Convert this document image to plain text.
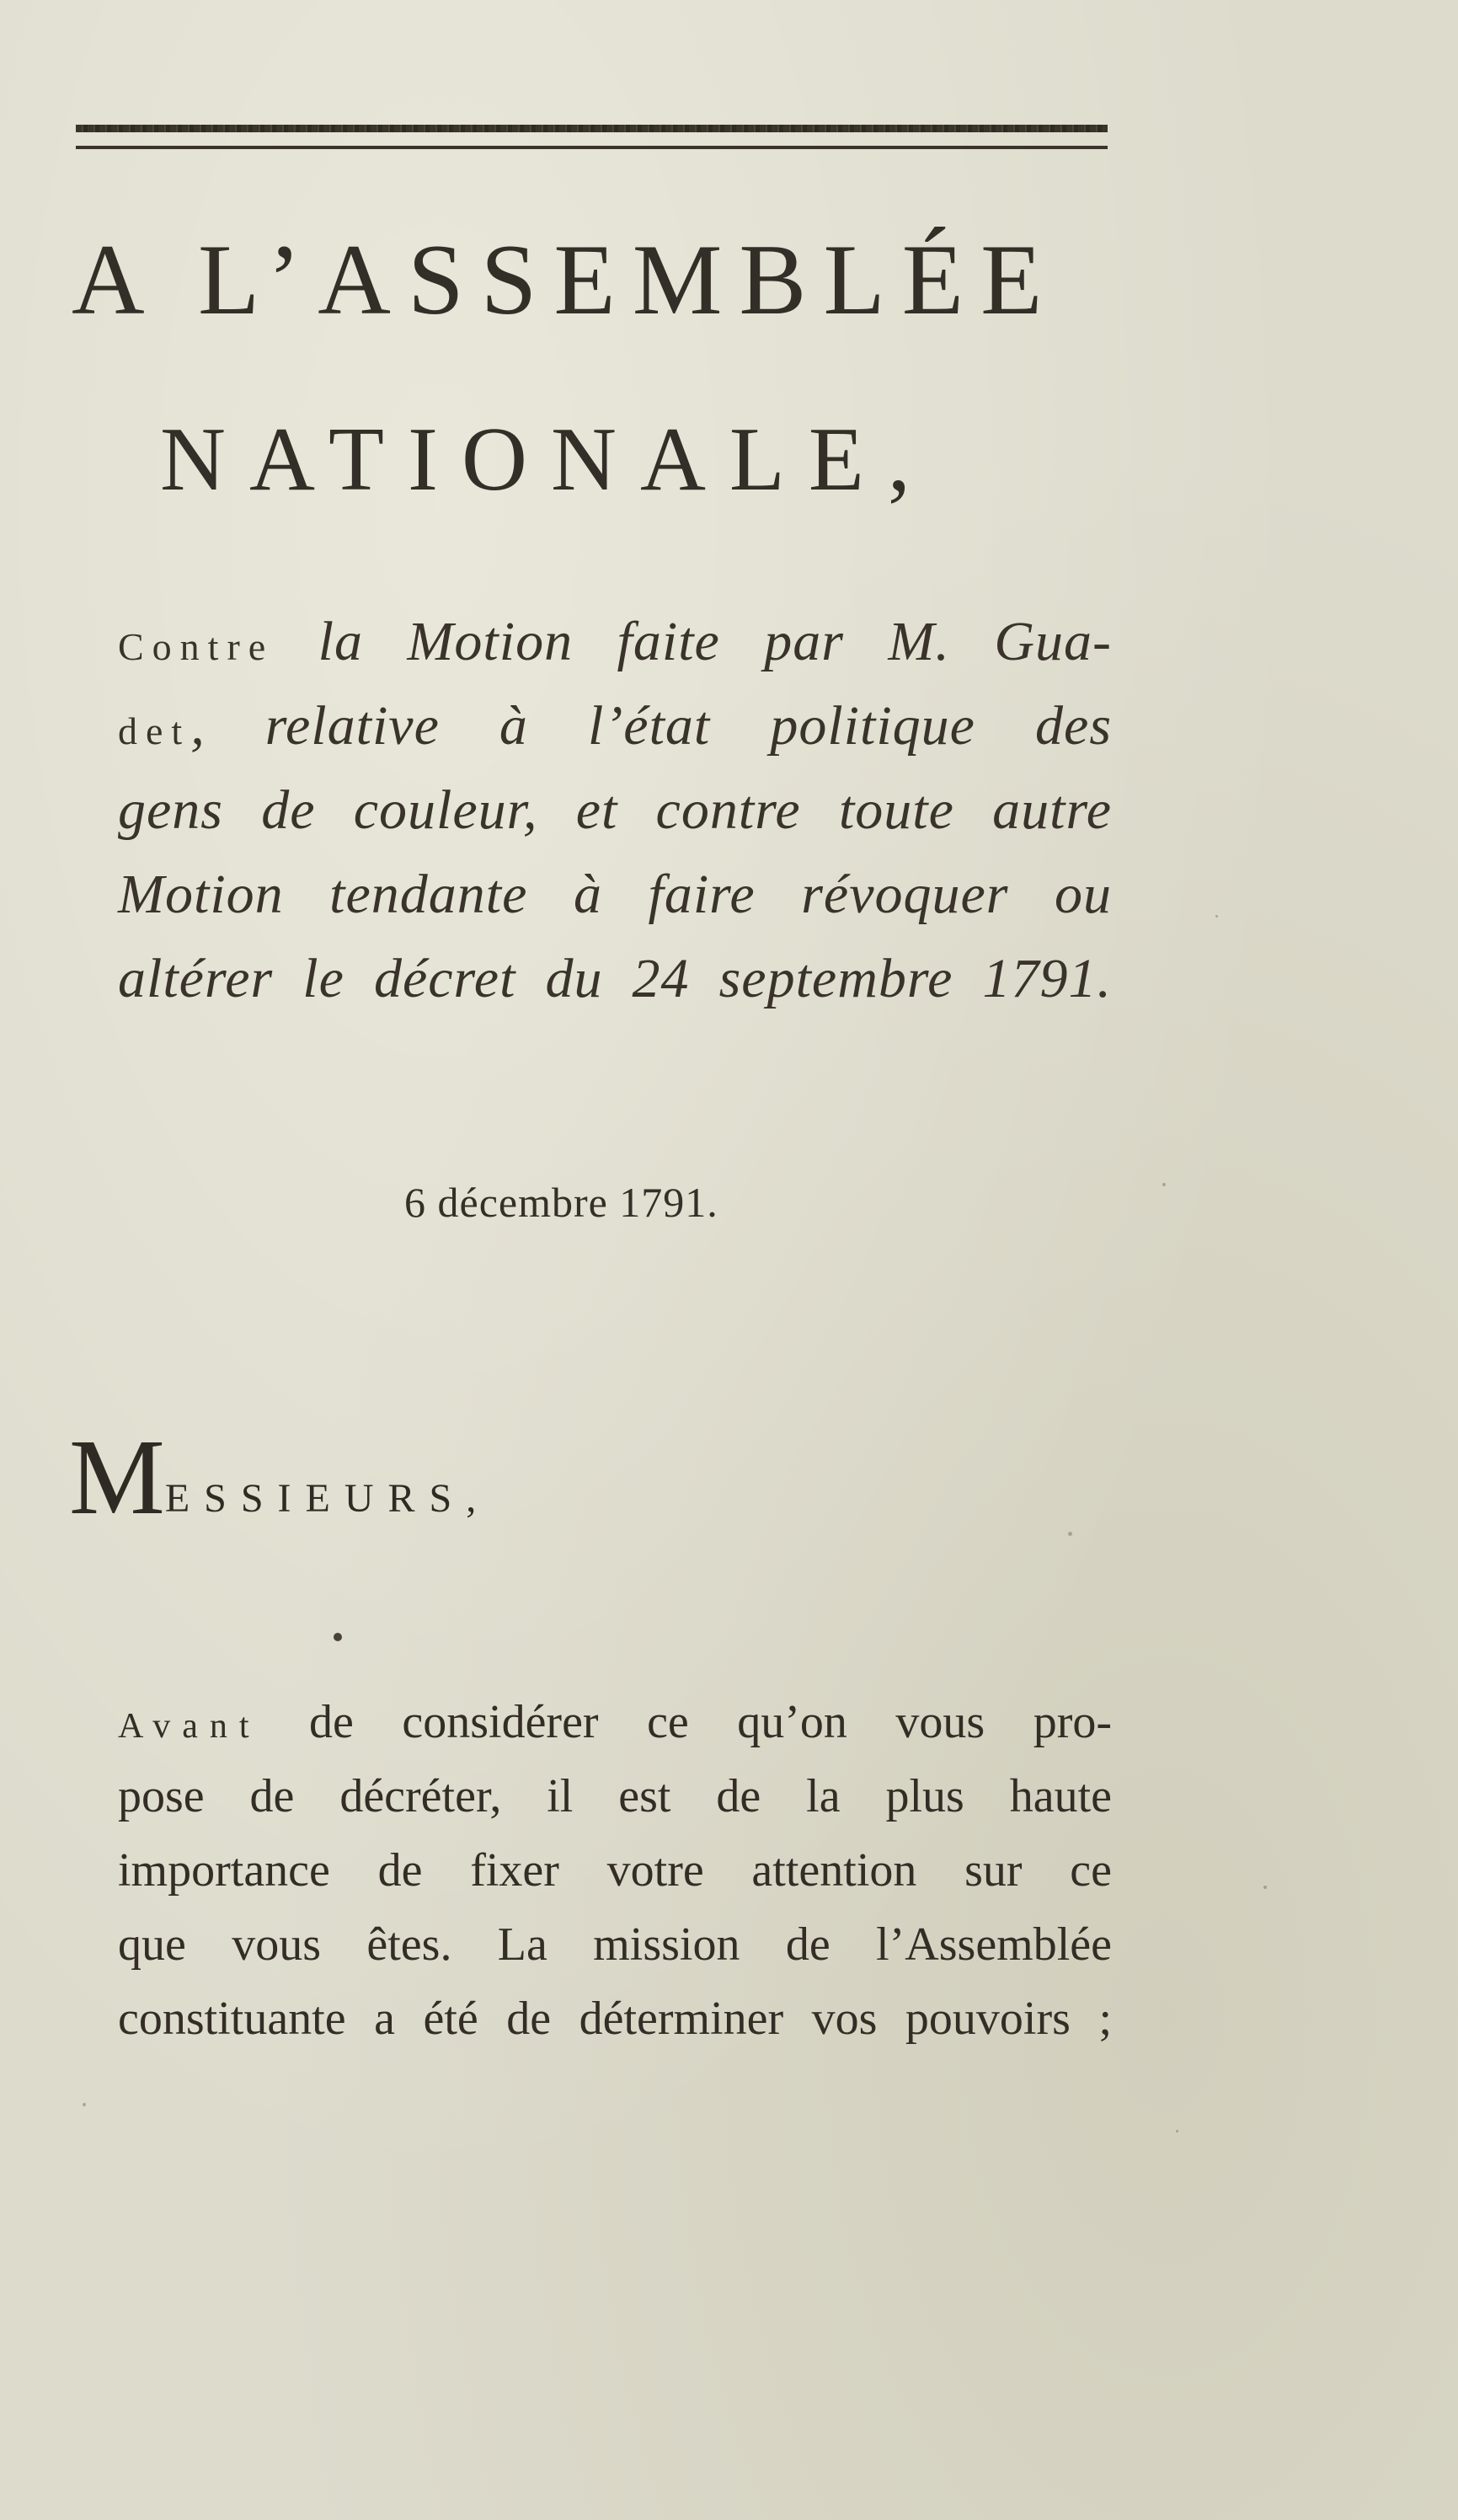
A L’ASSEMBLÉE
NATIONALE,
Contre la Motion faite par M. Gua-
det, relative à l’état politique des
gens de couleur, et contre toute autre
Motion tendante à faire révoquer ou
altérer le décret du 24 septembre 1791.
6 décembre 1791.
MESSIEURS,
Avant de considérer ce qu’on vous pro-
pose de décréter, il est de la plus haute
importance de fixer votre attention sur ce
que vous êtes. La mission de l’Assemblée
constituante a été de déterminer vos pouvoirs ;
